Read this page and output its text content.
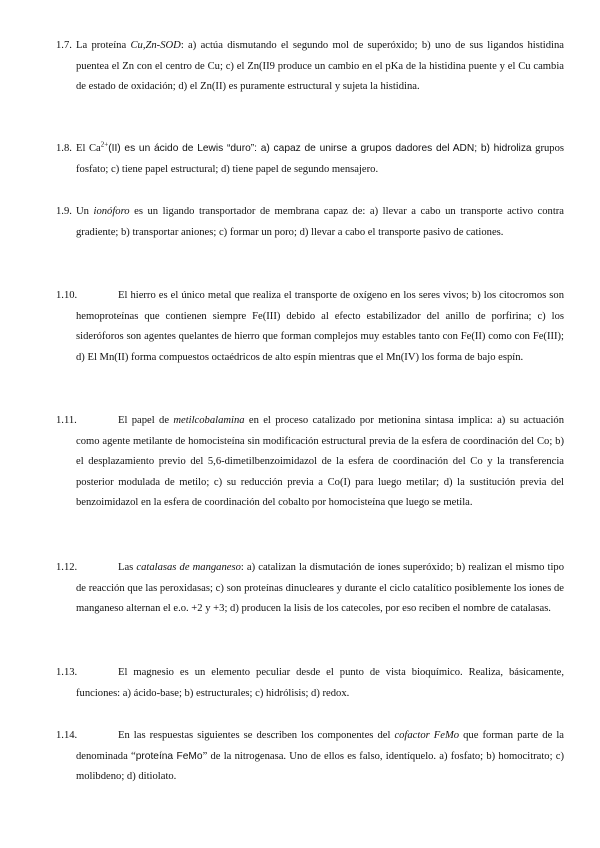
1.7. La proteína Cu,Zn-SOD: a) actúa dismutando el segundo mol de superóxido; b) uno de sus ligandos histidina puentea el Zn con el centro de Cu; c) el Zn(II9 produce un cambio en el pKa de la histidina puente y el Cu cambia de estado de oxidación; d) el Zn(II) es puramente estructural y sujeta la histidina.
1.8. El $Ca^{2+}(II)$ es un ácido de Lewis “duro”: a) capaz de unirse a grupos dadores del ADN; b) hidroliza grupos fosfato; c) tiene papel estructural; d) tiene papel de segundo mensajero.
1.9. Un ionóforo es un ligando transportador de membrana capaz de: a) llevar a cabo un transporte activo contra gradiente; b) transportar aniones; c) formar un poro; d) llevar a cabo el transporte pasivo de cationes.
1.10.	El hierro es el único metal que realiza el transporte de oxígeno en los seres vivos; b) los citocromos son hemoproteínas que contienen siempre Fe(III) debido al efecto estabilizador del anillo de porfirina; c) los sideróforos son agentes quelantes de hierro que forman complejos muy estables tanto con Fe(II) como con Fe(III); d) El Mn(II) forma compuestos octaédricos de alto espín mientras que el Mn(IV) los forma de bajo espín.
1.11.	El papel de metilcobalamina en el proceso catalizado por metionina sintasa implica: a) su actuación como agente metilante de homocisteína sin modificación estructural previa de la esfera de coordinación del Co; b) el desplazamiento previo del 5,6-dimetilbenzoimidazol de la esfera de coordinación del Co y la transferencia posterior modulada de metilo; c) su reducción previa a Co(I) para luego metilar; d) la sustitución previa del benzoimidazol en la esfera de coordinación del cobalto por homocisteína que luego se metila.
1.12.	Las catalasas de manganeso: a) catalizan la dismutación de iones superóxido; b) realizan el mismo tipo de reacción que las peroxidasas; c) son proteínas dinucleares y durante el ciclo catalítico posiblemente los iones de manganeso alternan el e.o. +2 y +3; d) producen la lisis de los catecoles, por eso reciben el nombre de catalasas.
1.13.	El magnesio es un elemento peculiar desde el punto de vista bioquímico. Realiza, básicamente, funciones: a) ácido-base; b) estructurales; c) hidrólisis; d) redox.
1.14.	En las respuestas siguientes se describen los componentes del cofactor FeMo que forman parte de la denominada “proteína FeMo” de la nitrogenasa. Uno de ellos es falso, identíquelo. a) fosfato; b) homocitrato; c) molibdeno; d) ditiolato.
